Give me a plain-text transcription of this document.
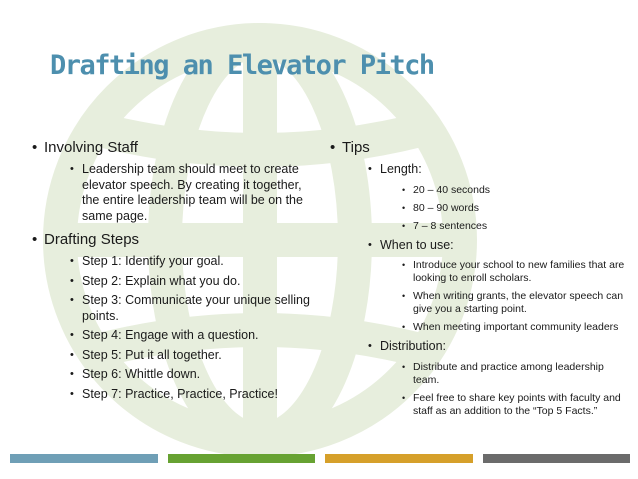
Drafting an Elevator Pitch
• Involving Staff
• Leadership team should meet to create elevator speech. By creating it together, the entire leadership team will be on the same page.
• Drafting Steps
• Step 1: Identify your goal.
• Step 2: Explain what you do.
• Step 3: Communicate your unique selling points.
• Step 4: Engage with a question.
• Step 5: Put it all together.
• Step 6: Whittle down.
• Step 7: Practice, Practice, Practice!
• Tips
• Length:
• 20 – 40 seconds
• 80 – 90 words
• 7 – 8 sentences
• When to use:
• Introduce your school to new families that are looking to enroll scholars.
• When writing grants, the elevator speech can give you a starting point.
• When meeting important community leaders
• Distribution:
• Distribute and practice among leadership team.
• Feel free to share key points with faculty and staff as an addition to the “Top 5 Facts.”
